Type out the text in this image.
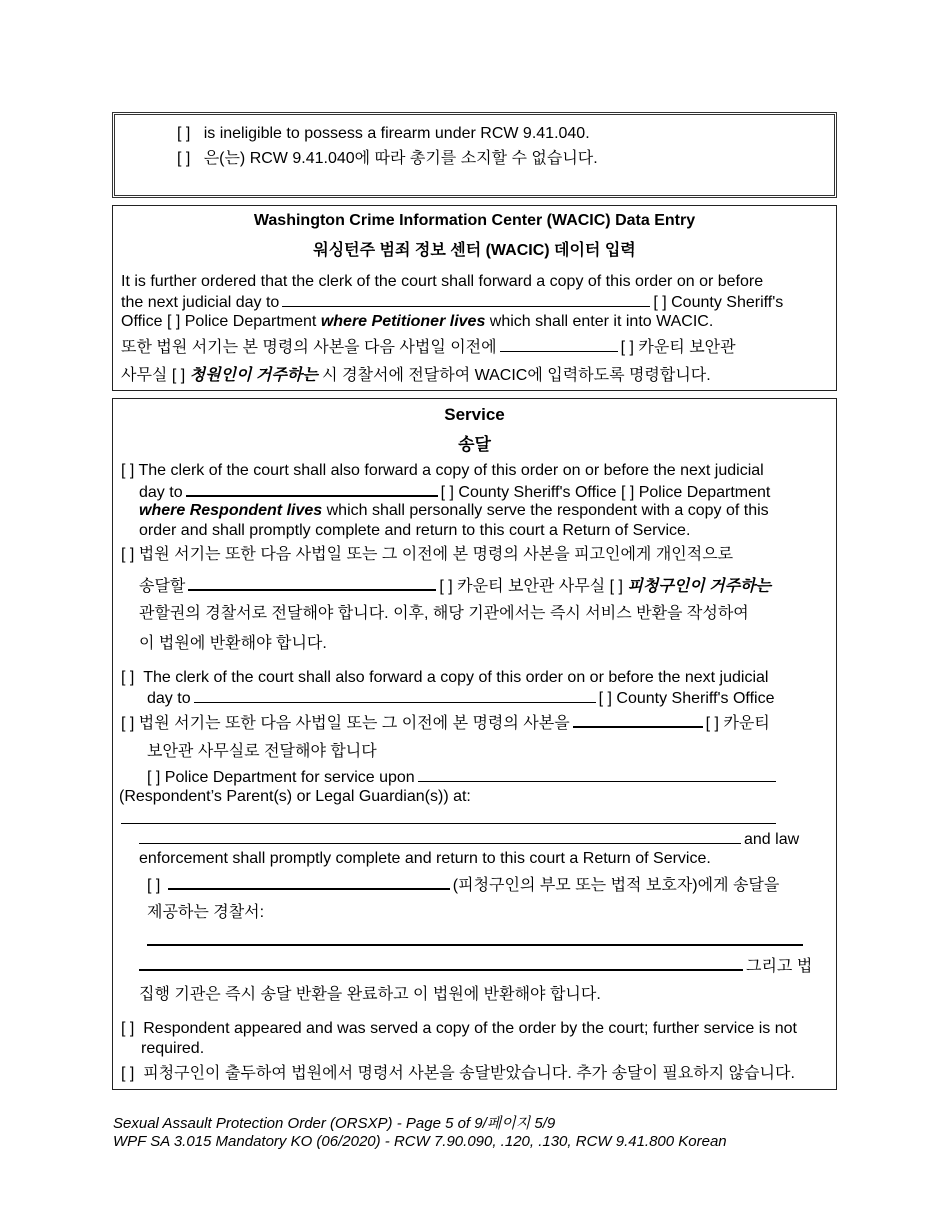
[ ] is ineligible to possess a firearm under RCW 9.41.040.
[ ] 은(는) RCW 9.41.040에 따라 총기를 소지할 수 없습니다.
Washington Crime Information Center (WACIC) Data Entry
워싱턴주 범죄 정보 센터 (WACIC) 데이터 입력
It is further ordered that the clerk of the court shall forward a copy of this order on or before
the next judicial day to	[ ] County Sheriff's
Office [ ] Police Department where Petitioner lives which shall enter it into WACIC.
또한 법원 서기는 본 명령의 사본을 다음 사법일 이전에	[ ] 카운티 보안관
사무실 [ ] 청원인이 거주하는 시 경찰서에 전달하여 WACIC에 입력하도록 명령합니다.
Service
송달
[ ] The clerk of the court shall also forward a copy of this order on or before the next judicial
day to	[ ] County Sheriff's Office [ ] Police Department
where Respondent lives which shall personally serve the respondent with a copy of this
order and shall promptly complete and return to this court a Return of Service.
[ ] 법원 서기는 또한 다음 사법일 또는 그 이전에 본 명령의 사본을 피고인에게 개인적으로
송달할	[ ] 카운티 보안관 사무실 [ ] 피청구인이 거주하는
관할권의 경찰서로 전달해야 합니다. 이후, 해당 기관에서는 즉시 서비스 반환을 작성하여
이 법원에 반환해야 합니다.
[ ] The clerk of the court shall also forward a copy of this order on or before the next judicial
day to	[ ] County Sheriff's Office
[ ] 법원 서기는 또한 다음 사법일 또는 그 이전에 본 명령의 사본을	[ ] 카운티
보안관 사무실로 전달해야 합니다
[ ] Police Department for service upon
(Respondent’s Parent(s) or Legal Guardian(s)) at:
and law
enforcement shall promptly complete and return to this court a Return of Service.
[ ]	(피청구인의 부모 또는 법적 보호자)에게 송달을
제공하는 경찰서:
그리고 법
집행 기관은 즉시 송달 반환을 완료하고 이 법원에 반환해야 합니다.
[ ] Respondent appeared and was served a copy of the order by the court; further service is not
required.
[ ] 피청구인이 출두하여 법원에서 명령서 사본을 송달받았습니다. 추가 송달이 필요하지 않습니다.
Sexual Assault Protection Order (ORSXP) - Page 5 of 9/페이지 5/9
WPF SA 3.015 Mandatory KO (06/2020) - RCW 7.90.090, .120, .130, RCW 9.41.800 Korean
